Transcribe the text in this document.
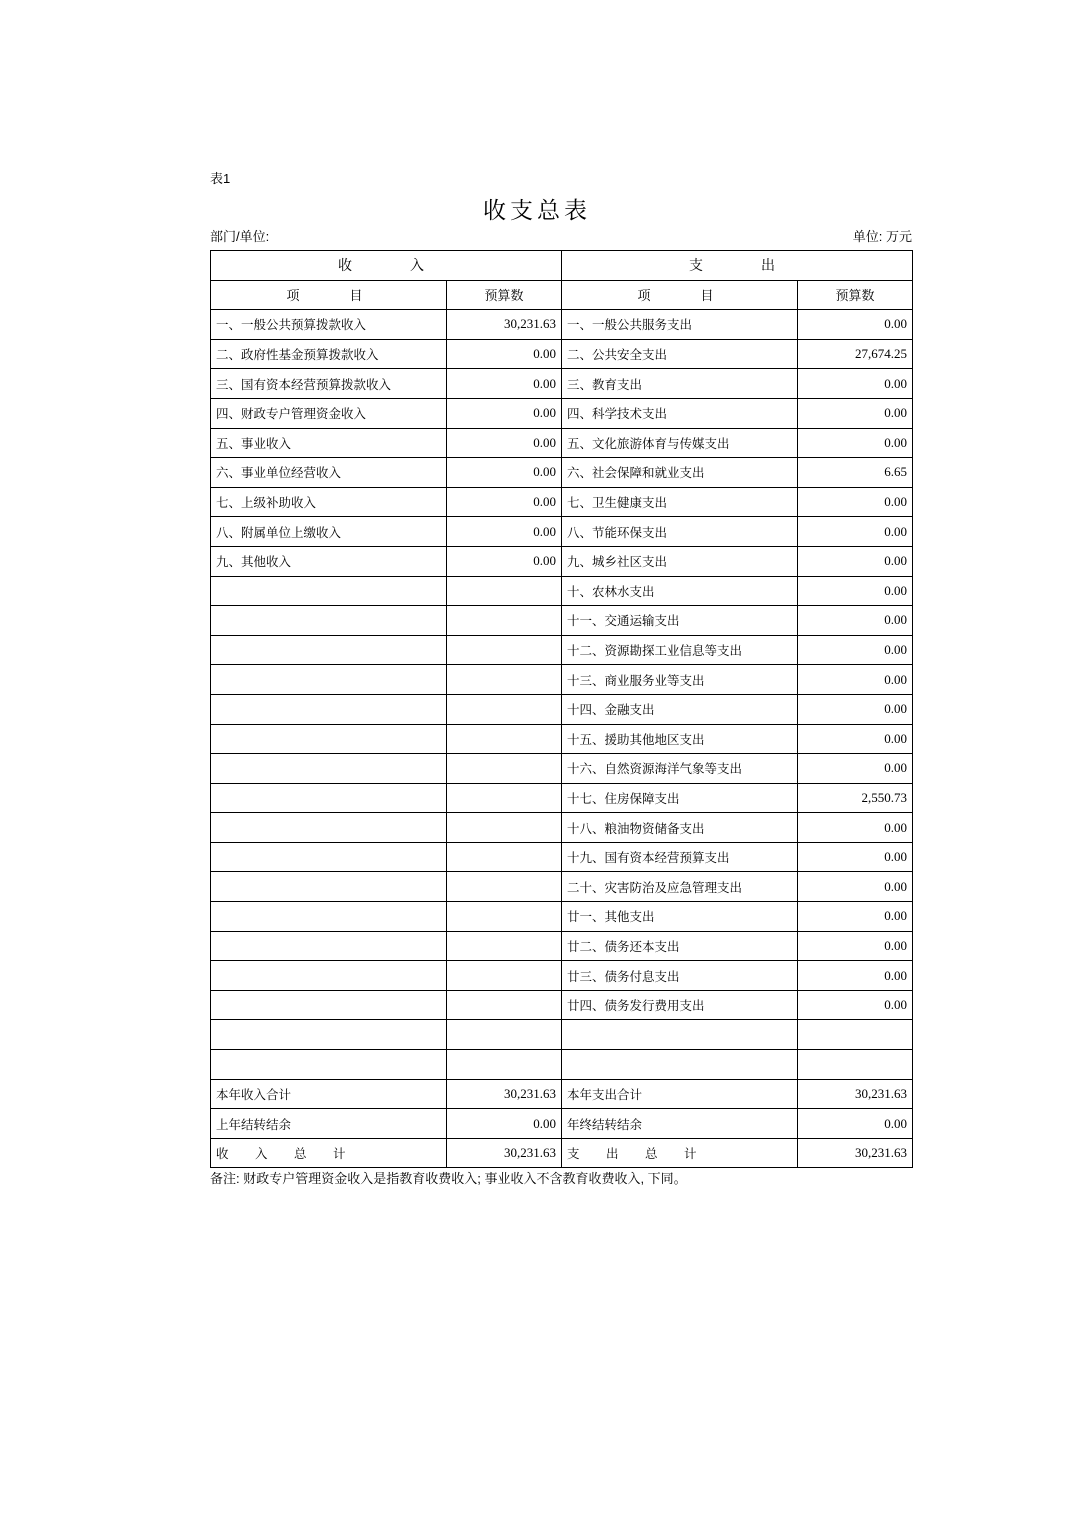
表1
收支总表
部门/单位:	单位: 万元
收　　入		支　　出	
项　　目	预算数	项　　目	预算数
一、一般公共预算拨款收入	30,231.63	一、一般公共服务支出	0.00
二、政府性基金预算拨款收入	0.00	二、公共安全支出	27,674.25
三、国有资本经营预算拨款收入	0.00	三、教育支出	0.00
四、财政专户管理资金收入	0.00	四、科学技术支出	0.00
五、事业收入	0.00	五、文化旅游体育与传媒支出	0.00
六、事业单位经营收入	0.00	六、社会保障和就业支出	6.65
七、上级补助收入	0.00	七、卫生健康支出	0.00
八、附属单位上缴收入	0.00	八、节能环保支出	0.00
九、其他收入	0.00	九、城乡社区支出	0.00
		十、农林水支出	0.00
		十一、交通运输支出	0.00
		十二、资源勘探工业信息等支出	0.00
		十三、商业服务业等支出	0.00
		十四、金融支出	0.00
		十五、援助其他地区支出	0.00
		十六、自然资源海洋气象等支出	0.00
		十七、住房保障支出	2,550.73
		十八、粮油物资储备支出	0.00
		十九、国有资本经营预算支出	0.00
		二十、灾害防治及应急管理支出	0.00
		廿一、其他支出	0.00
		廿二、债务还本支出	0.00
		廿三、债务付息支出	0.00
		廿四、债务发行费用支出	0.00

本年收入合计	30,231.63	本年支出合计	30,231.63
上年结转结余	0.00	年终结转结余	0.00
收　入　总　计	30,231.63	支　出　总　计	30,231.63
备注: 财政专户管理资金收入是指教育收费收入; 事业收入不含教育收费收入, 下同。
